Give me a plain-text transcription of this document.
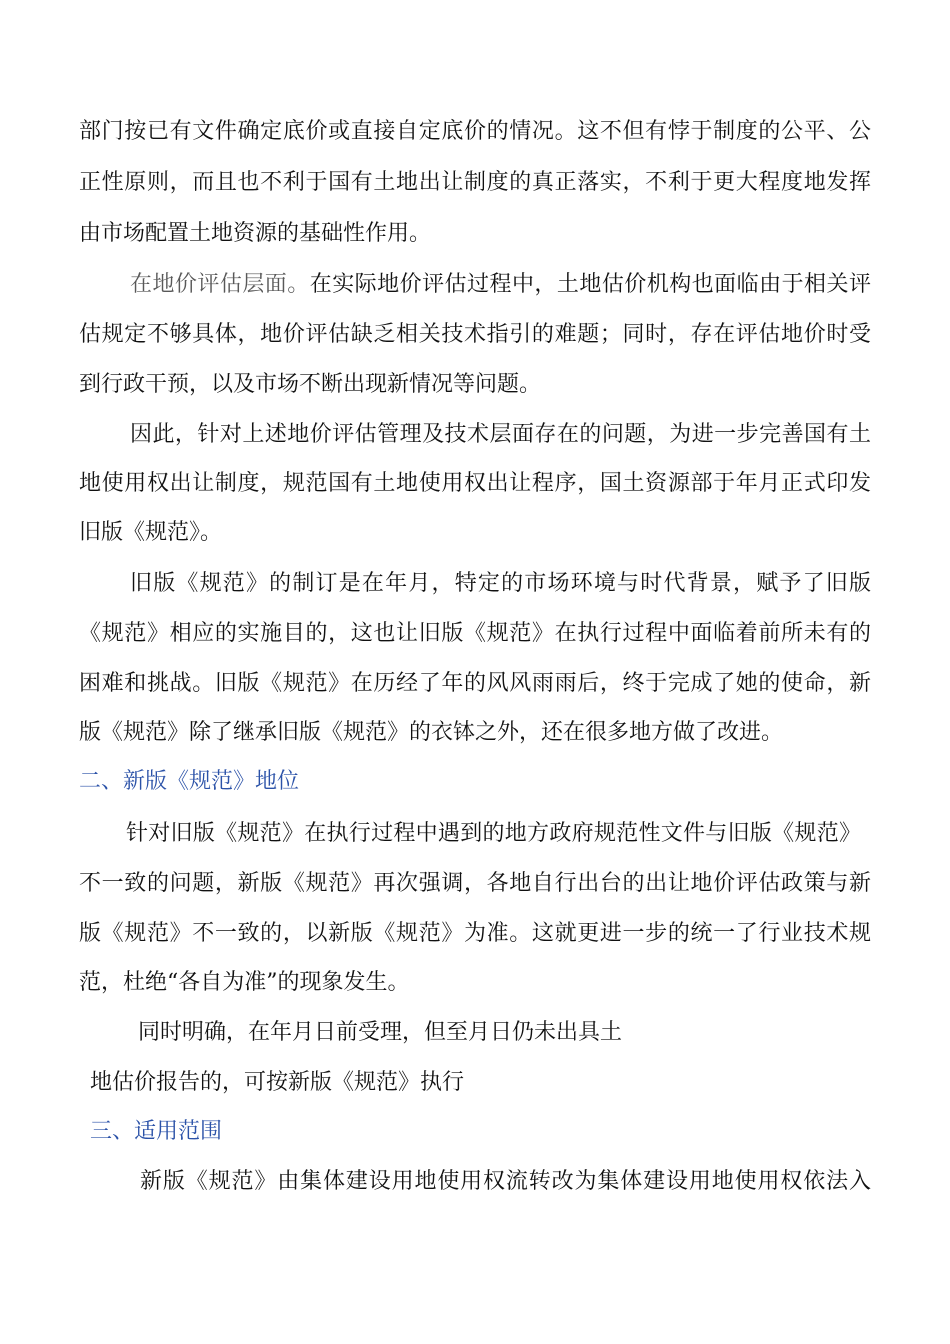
部门按已有文件确定底价或直接自定底价的情况。这不但有悖于制度的公平、公
正性原则，而且也不利于国有土地出让制度的真正落实，不利于更大程度地发挥
由市场配置土地资源的基础性作用。
在地价评估层面。在实际地价评估过程中，土地估价机构也面临由于相关评
估规定不够具体，地价评估缺乏相关技术指引的难题；同时，存在评估地价时受
到行政干预，以及市场不断出现新情况等问题。
因此，针对上述地价评估管理及技术层面存在的问题，为进一步完善国有土
地使用权出让制度，规范国有土地使用权出让程序，国土资源部于年月正式印发
旧版《规范》。
旧版《规范》的制订是在年月，特定的市场环境与时代背景，赋予了旧版
《规范》相应的实施目的，这也让旧版《规范》在执行过程中面临着前所未有的
困难和挑战。旧版《规范》在历经了年的风风雨雨后，终于完成了她的使命，新
版《规范》除了继承旧版《规范》的衣钵之外，还在很多地方做了改进。
二、新版《规范》地位
针对旧版《规范》在执行过程中遇到的地方政府规范性文件与旧版《规范》
不一致的问题，新版《规范》再次强调，各地自行出台的出让地价评估政策与新
版《规范》不一致的，以新版《规范》为准。这就更进一步的统一了行业技术规
范，杜绝“各自为准”的现象发生。
同时明确，在年月日前受理，但至月日仍未出具土
地估价报告的，可按新版《规范》执行
三、适用范围
新版《规范》由集体建设用地使用权流转改为集体建设用地使用权依法入
